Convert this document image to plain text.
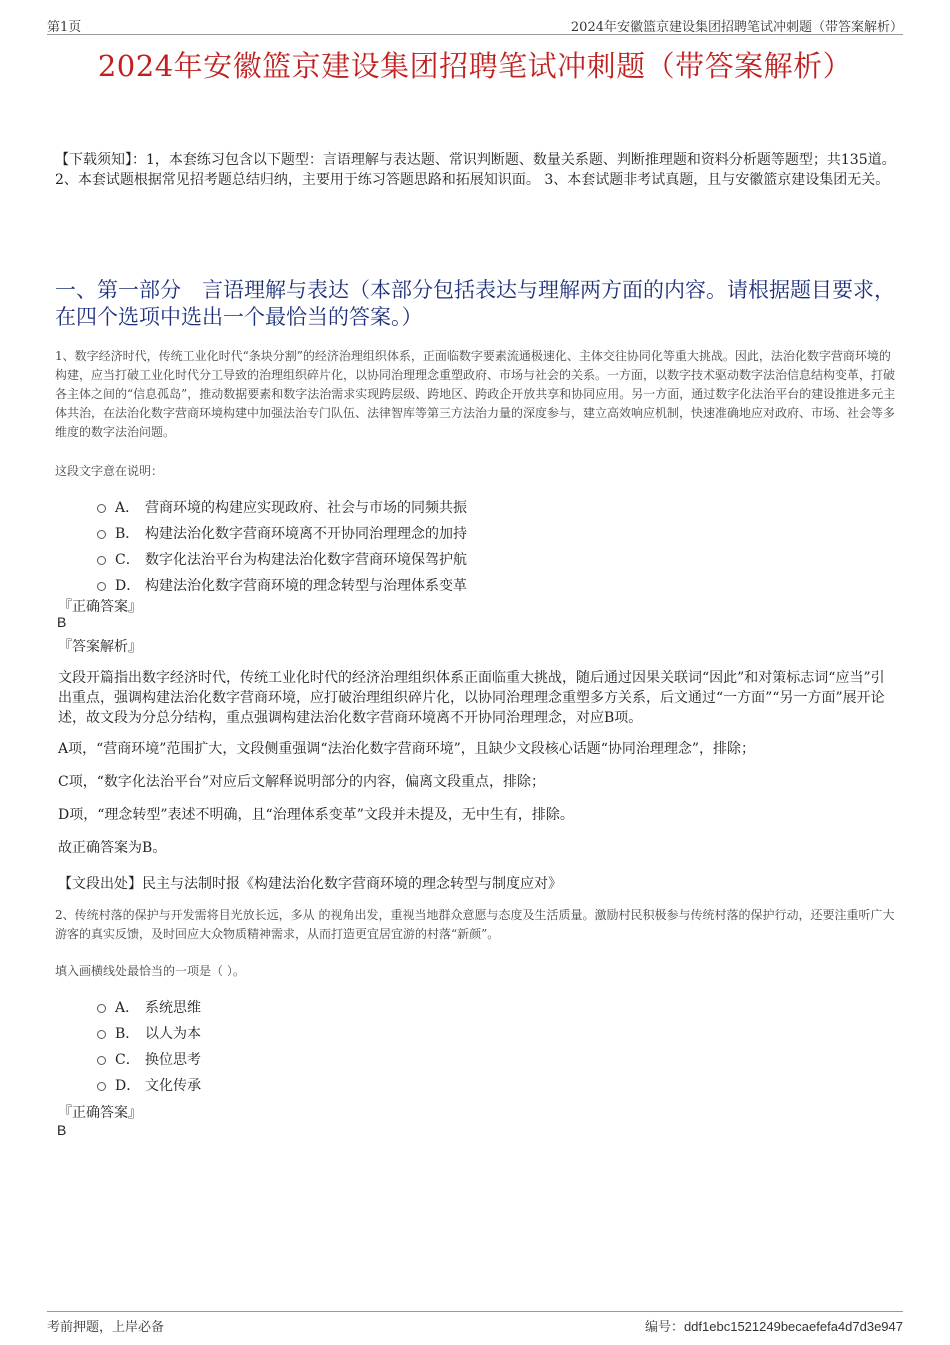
第1页	2024年安徽篮京建设集团招聘笔试冲刺题（带答案解析）
2024年安徽篮京建设集团招聘笔试冲刺题（带答案解析）
【下载须知】：1，本套练习包含以下题型：言语理解与表达题、常识判断题、数量关系题、判断推理题和资料分析题等题型；共135道。 2、本套试题根据常见招考题总结归纳，主要用于练习答题思路和拓展知识面。 3、本套试题非考试真题，且与安徽篮京建设集团无关。
一、第一部分　言语理解与表达（本部分包括表达与理解两方面的内容。请根据题目要求，在四个选项中选出一个最恰当的答案。）
1、数字经济时代，传统工业化时代“条块分割”的经济治理组织体系，正面临数字要素流通极速化、主体交往协同化等重大挑战。因此，法治化数字营商环境的构建，应当打破工业化时代分工导致的治理组织碎片化，以协同治理理念重塑政府、市场与社会的关系。一方面，以数字技术驱动数字法治信息结构变革，打破各主体之间的“信息孤岛”，推动数据要素和数字法治需求实现跨层级、跨地区、跨政企开放共享和协同应用。另一方面，通过数字化法治平台的建设推进多元主体共治，在法治化数字营商环境构建中加强法治专门队伍、法律智库等第三方法治力量的深度参与，建立高效响应机制，快速准确地应对政府、市场、社会等多维度的数字法治问题。
这段文字意在说明：
A． 营商环境的构建应实现政府、社会与市场的同频共振
B． 构建法治化数字营商环境离不开协同治理理念的加持
C． 数字化法治平台为构建法治化数字营商环境保驾护航
D． 构建法治化数字营商环境的理念转型与治理体系变革
『正确答案』
B
『答案解析』
文段开篇指出数字经济时代，传统工业化时代的经济治理组织体系正面临重大挑战，随后通过因果关联词“因此”和对策标志词“应当”引出重点，强调构建法治化数字营商环境，应打破治理组织碎片化，以协同治理理念重塑多方关系，后文通过“一方面”“另一方面”展开论述，故文段为分总分结构，重点强调构建法治化数字营商环境离不开协同治理理念，对应B项。
A项，“营商环境”范围扩大，文段侧重强调“法治化数字营商环境”，且缺少文段核心话题“协同治理理念”，排除；
C项，“数字化法治平台”对应后文解释说明部分的内容，偏离文段重点，排除；
D项，“理念转型”表述不明确，且“治理体系变革”文段并未提及，无中生有，排除。
故正确答案为B。
【文段出处】民主与法制时报《构建法治化数字营商环境的理念转型与制度应对》
2、传统村落的保护与开发需将目光放长远，多从 的视角出发，重视当地群众意愿与态度及生活质量。激励村民积极参与传统村落的保护行动，还要注重听广大游客的真实反馈，及时回应大众物质精神需求，从而打造更宜居宜游的村落“新颜”。
填入画横线处最恰当的一项是（ ）。
A． 系统思维
B． 以人为本
C． 换位思考
D． 文化传承
『正确答案』
B
考前押题，上岸必备	编号：ddf1ebc1521249becaefefa4d7d3e947
